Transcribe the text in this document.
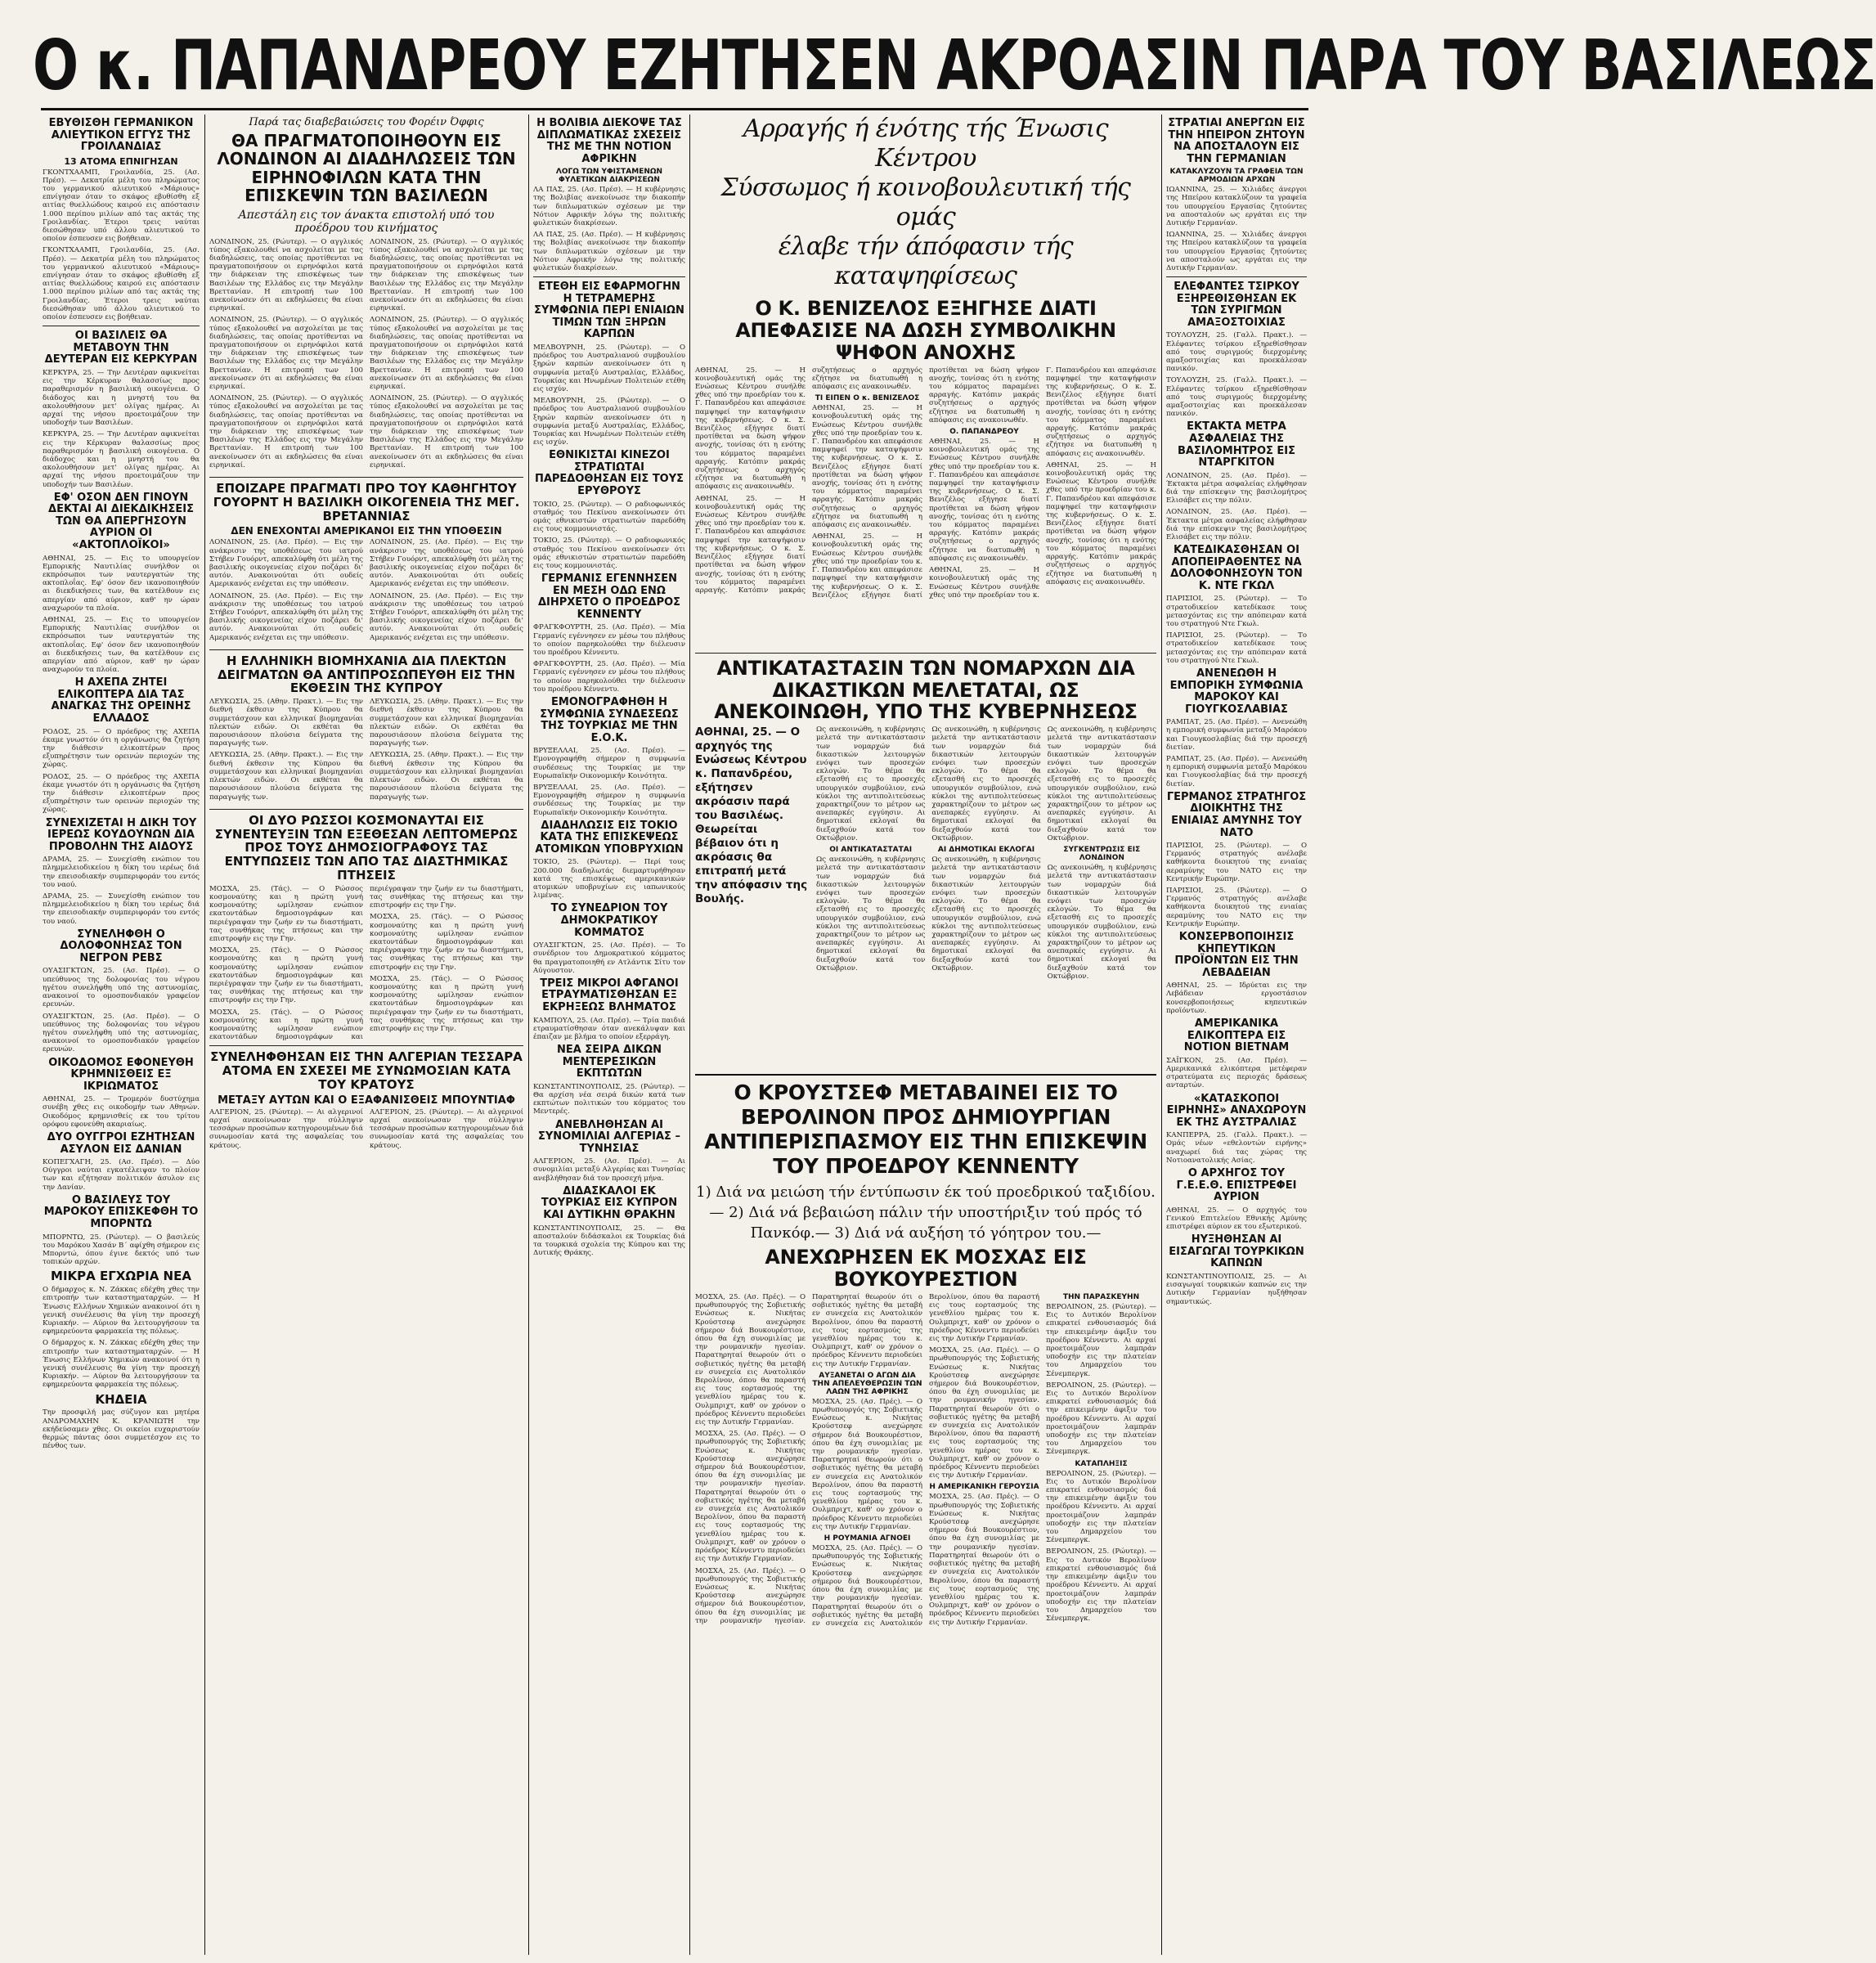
Ο κ. ΠΑΠΑΝΔΡΕΟΥ ΕΖΗΤΗΣΕΝ ΑΚΡΟΑΣΙΝ ΠΑΡΑ ΤΟΥ ΒΑΣΙΛΕΩΣ
ΕΒΥΘΙΣΘΗ ΓΕΡΜΑΝΙΚΟΝ ΑΛΙΕΥΤΙΚΟΝ ΕΓΓΥΣ ΤΗΣ ΓΡΟΙΛΑΝΔΙΑΣ
13 ΑΤΟΜΑ ΕΠΝΙΓΗΣΑΝ

ΓΚΟΝΤΧΑΑΜΠ, Γροιλανδία, 25. (Ασ. Πρέσ). — Δεκατρία μέλη του πληρώματος του γερμανικού αλιευτικού «Μάριους» επνίγησαν όταν το σκάφος εβυθίσθη εξ αιτίας θυελλώδους καιρού εις απόστασιν 1.000 περίπου μιλίων από τας ακτάς της Γροιλανδίας. Έτεροι τρεις ναύται διεσώθησαν υπό άλλου αλιευτικού το οποίον έσπευσεν εις βοήθειαν.

ΓΚΟΝΤΧΑΑΜΠ, Γροιλανδία, 25. (Ασ. Πρέσ). — Δεκατρία μέλη του πληρώματος του γερμανικού αλιευτικού «Μάριους» επνίγησαν όταν το σκάφος εβυθίσθη εξ αιτίας θυελλώδους καιρού εις απόστασιν 1.000 περίπου μιλίων από τας ακτάς της Γροιλανδίας. Έτεροι τρεις ναύται διεσώθησαν υπό άλλου αλιευτικού το οποίον έσπευσεν εις βοήθειαν.

ΟΙ ΒΑΣΙΛΕΙΣ ΘΑ ΜΕΤΑΒΟΥΝ ΤΗΝ ΔΕΥΤΕΡΑΝ ΕΙΣ ΚΕΡΚΥΡΑΝ

ΚΕΡΚΥΡΑ, 25. — Την Δευτέραν αφικνείται εις την Κέρκυραν θαλασσίως προς παραθερισμόν η βασιλική οικογένεια. Ο διάδοχος και η μνηστή του θα ακολουθήσουν μετ' ολίγας ημέρας. Αι αρχαί της νήσου προετοιμάζουν την υποδοχήν των Βασιλέων.

ΚΕΡΚΥΡΑ, 25. — Την Δευτέραν αφικνείται εις την Κέρκυραν θαλασσίως προς παραθερισμόν η βασιλική οικογένεια. Ο διάδοχος και η μνηστή του θα ακολουθήσουν μετ' ολίγας ημέρας. Αι αρχαί της νήσου προετοιμάζουν την υποδοχήν των Βασιλέων.

ΕΦ' ΟΣΟΝ ΔΕΝ ΓΙΝΟΥΝ ΔΕΚΤΑΙ ΑΙ ΔΙΕΚΔΙΚΗΣΕΙΣ ΤΩΝ ΘΑ ΑΠΕΡΓΗΣΟΥΝ ΑΥΡΙΟΝ ΟΙ «ΑΚΤΟΠΛΟΪΚΟΙ»

ΑΘΗΝΑΙ, 25. — Εις το υπουργείον Εμπορικής Ναυτιλίας συνήλθον οι εκπρόσωποι των ναυτεργατών της ακτοπλοΐας. Εφ' όσον δεν ικανοποιηθούν αι διεκδικήσεις των, θα κατέλθουν εις απεργίαν από αύριον, καθ' ην ώραν αναχωρούν τα πλοία.

ΑΘΗΝΑΙ, 25. — Εις το υπουργείον Εμπορικής Ναυτιλίας συνήλθον οι εκπρόσωποι των ναυτεργατών της ακτοπλοΐας. Εφ' όσον δεν ικανοποιηθούν αι διεκδικήσεις των, θα κατέλθουν εις απεργίαν από αύριον, καθ' ην ώραν αναχωρούν τα πλοία.

Η ΑΧΕΠΑ ΖΗΤΕΙ ΕΛΙΚΟΠΤΕΡΑ ΔΙΑ ΤΑΣ ΑΝΑΓΚΑΣ ΤΗΣ ΟΡΕΙΝΗΣ ΕΛΛΑΔΟΣ

ΡΟΔΟΣ, 25. — Ο πρόεδρος της ΑΧΕΠΑ έκαμε γνωστόν ότι η οργάνωσις θα ζητήση την διάθεσιν ελικοπτέρων προς εξυπηρέτησιν των ορεινών περιοχών της χώρας.

ΡΟΔΟΣ, 25. — Ο πρόεδρος της ΑΧΕΠΑ έκαμε γνωστόν ότι η οργάνωσις θα ζητήση την διάθεσιν ελικοπτέρων προς εξυπηρέτησιν των ορεινών περιοχών της χώρας.

ΣΥΝΕΧΙΖΕΤΑΙ Η ΔΙΚΗ ΤΟΥ ΙΕΡΕΩΣ ΚΟΥΔΟΥΝΩΝ ΔΙΑ ΠΡΟΒΟΛΗΝ ΤΗΣ ΑΙΔΟΥΣ

ΔΡΑΜΑ, 25. — Συνεχίσθη ενώπιον του πλημμελειοδικείου η δίκη του ιερέως διά την επεισοδιακήν συμπεριφοράν του εντός του ναού.

ΔΡΑΜΑ, 25. — Συνεχίσθη ενώπιον του πλημμελειοδικείου η δίκη του ιερέως διά την επεισοδιακήν συμπεριφοράν του εντός του ναού.

ΣΥΝΕΛΗΦΘΗ Ο ΔΟΛΟΦΟΝΗΣΑΣ ΤΟΝ ΝΕΓΡΟΝ ΡΕΒΣ

ΟΥΑΣΙΓΚΤΩΝ, 25. (Ασ. Πρέσ). — Ο υπεύθυνος της δολοφονίας του νέγρου ηγέτου συνελήφθη υπό της αστυνομίας, ανακοινοί το ομοσπονδιακόν γραφείον ερευνών.

ΟΥΑΣΙΓΚΤΩΝ, 25. (Ασ. Πρέσ). — Ο υπεύθυνος της δολοφονίας του νέγρου ηγέτου συνελήφθη υπό της αστυνομίας, ανακοινοί το ομοσπονδιακόν γραφείον ερευνών.

ΟΙΚΟΔΟΜΟΣ ΕΦΟΝΕΥΘΗ ΚΡΗΜΝΙΣΘΕΙΣ ΕΞ ΙΚΡΙΩΜΑΤΟΣ

ΑΘΗΝΑΙ, 25. — Τρομερόν δυστύχημα συνέβη χθες εις οικοδομήν των Αθηνών. Οικοδόμος κρημνισθείς εκ του τρίτου ορόφου εφονεύθη ακαριαίως.

ΔΥΟ ΟΥΓΓΡΟΙ ΕΖΗΤΗΣΑΝ ΑΣΥΛΟΝ ΕΙΣ ΔΑΝΙΑΝ

ΚΟΠΕΓΧΑΓΗ, 25. (Ασ. Πρέσ). — Δύο Ούγγροι ναύται εγκατέλειψαν το πλοίον των και εζήτησαν πολιτικόν άσυλον εις την Δανίαν.

Ο ΒΑΣΙΛΕΥΣ ΤΟΥ ΜΑΡΟΚΟΥ ΕΠΙΣΚΕΦΘΗ ΤΟ ΜΠΟΡΝΤΩ

ΜΠΟΡΝΤΩ, 25. (Ρώυτερ). — Ο βασιλεύς του Μαρόκου Χασάν Β΄ αφίχθη σήμερον εις Μπορντώ, όπου έγινε δεκτός υπό των τοπικών αρχών.

ΜΙΚΡΑ ΕΓΧΩΡΙΑ ΝΕΑ

Ο δήμαρχος κ. Ν. Ζάκκας εδέχθη χθες την επιτροπήν των καταστηματαρχών. — Η Ένωσις Ελλήνων Χημικών ανακοινοί ότι η γενική συνέλευσις θα γίνη την προσεχή Κυριακήν. — Αύριον θα λειτουργήσουν τα εφημερεύοντα φαρμακεία της πόλεως.

Ο δήμαρχος κ. Ν. Ζάκκας εδέχθη χθες την επιτροπήν των καταστηματαρχών. — Η Ένωσις Ελλήνων Χημικών ανακοινοί ότι η γενική συνέλευσις θα γίνη την προσεχή Κυριακήν. — Αύριον θα λειτουργήσουν τα εφημερεύοντα φαρμακεία της πόλεως.

ΚΗΔΕΙΑ

Την προσφιλή μας σύζυγον και μητέρα ΑΝΔΡΟΜΑΧΗΝ Κ. ΚΡΑΝΙΩΤΗ την εκήδεύσαμεν χθες. Οι οικείοι ευχαριστούν θερμώς πάντας όσοι συμμετέσχον εις το πένθος των.

Παρά τας διαβεβαιώσεις του Φορέιν Όφφις
ΘΑ ΠΡΑΓΜΑΤΟΠΟΙΗΘΟΥΝ ΕΙΣ ΛΟΝΔΙΝΟΝ ΑΙ ΔΙΑΔΗΛΩΣΕΙΣ ΤΩΝ ΕΙΡΗΝΟΦΙΛΩΝ ΚΑΤΑ ΤΗΝ ΕΠΙΣΚΕΨΙΝ ΤΩΝ ΒΑΣΙΛΕΩΝ
Απεστάλη εις τον άνακτα επιστολή υπό του προέδρου του κινήματος

ΛΟΝΔΙΝΟΝ, 25. (Ρώυτερ). — Ο αγγλικός τύπος εξακολουθεί να ασχολείται με τας διαδηλώσεις, τας οποίας προτίθενται να πραγματοποιήσουν οι ειρηνόφιλοι κατά την διάρκειαν της επισκέψεως των Βασιλέων της Ελλάδος εις την Μεγάλην Βρεττανίαν. Η επιτροπή των 100 ανεκοίνωσεν ότι αι εκδηλώσεις θα είναι ειρηνικαί.

ΛΟΝΔΙΝΟΝ, 25. (Ρώυτερ). — Ο αγγλικός τύπος εξακολουθεί να ασχολείται με τας διαδηλώσεις, τας οποίας προτίθενται να πραγματοποιήσουν οι ειρηνόφιλοι κατά την διάρκειαν της επισκέψεως των Βασιλέων της Ελλάδος εις την Μεγάλην Βρεττανίαν. Η επιτροπή των 100 ανεκοίνωσεν ότι αι εκδηλώσεις θα είναι ειρηνικαί.

ΛΟΝΔΙΝΟΝ, 25. (Ρώυτερ). — Ο αγγλικός τύπος εξακολουθεί να ασχολείται με τας διαδηλώσεις, τας οποίας προτίθενται να πραγματοποιήσουν οι ειρηνόφιλοι κατά την διάρκειαν της επισκέψεως των Βασιλέων της Ελλάδος εις την Μεγάλην Βρεττανίαν. Η επιτροπή των 100 ανεκοίνωσεν ότι αι εκδηλώσεις θα είναι ειρηνικαί.

ΛΟΝΔΙΝΟΝ, 25. (Ρώυτερ). — Ο αγγλικός τύπος εξακολουθεί να ασχολείται με τας διαδηλώσεις, τας οποίας προτίθενται να πραγματοποιήσουν οι ειρηνόφιλοι κατά την διάρκειαν της επισκέψεως των Βασιλέων της Ελλάδος εις την Μεγάλην Βρεττανίαν. Η επιτροπή των 100 ανεκοίνωσεν ότι αι εκδηλώσεις θα είναι ειρηνικαί.

ΛΟΝΔΙΝΟΝ, 25. (Ρώυτερ). — Ο αγγλικός τύπος εξακολουθεί να ασχολείται με τας διαδηλώσεις, τας οποίας προτίθενται να πραγματοποιήσουν οι ειρηνόφιλοι κατά την διάρκειαν της επισκέψεως των Βασιλέων της Ελλάδος εις την Μεγάλην Βρεττανίαν. Η επιτροπή των 100 ανεκοίνωσεν ότι αι εκδηλώσεις θα είναι ειρηνικαί.

ΛΟΝΔΙΝΟΝ, 25. (Ρώυτερ). — Ο αγγλικός τύπος εξακολουθεί να ασχολείται με τας διαδηλώσεις, τας οποίας προτίθενται να πραγματοποιήσουν οι ειρηνόφιλοι κατά την διάρκειαν της επισκέψεως των Βασιλέων της Ελλάδος εις την Μεγάλην Βρεττανίαν. Η επιτροπή των 100 ανεκοίνωσεν ότι αι εκδηλώσεις θα είναι ειρηνικαί.

ΕΠΟΙΖΑΡΕ ΠΡΑΓΜΑΤΙ ΠΡΟ ΤΟΥ ΚΑΘΗΓΗΤΟΥ ΓΟΥΟΡΝΤ Η ΒΑΣΙΛΙΚΗ ΟΙΚΟΓΕΝΕΙΑ ΤΗΣ ΜΕΓ. ΒΡΕΤΑΝΝΙΑΣ
ΔΕΝ ΕΝΕΧΟΝΤΑΙ ΑΜΕΡΙΚΑΝΟΙ ΕΙΣ ΤΗΝ ΥΠΟΘΕΣΙΝ

ΛΟΝΔΙΝΟΝ, 25. (Ασ. Πρέσ). — Εις την ανάκρισιν της υποθέσεως του ιατρού Στήβεν Γουόρντ, απεκαλύφθη ότι μέλη της βασιλικής οικογενείας είχον ποζάρει δι' αυτόν. Ανακοινούται ότι ουδείς Αμερικανός ενέχεται εις την υπόθεσιν.

ΛΟΝΔΙΝΟΝ, 25. (Ασ. Πρέσ). — Εις την ανάκρισιν της υποθέσεως του ιατρού Στήβεν Γουόρντ, απεκαλύφθη ότι μέλη της βασιλικής οικογενείας είχον ποζάρει δι' αυτόν. Ανακοινούται ότι ουδείς Αμερικανός ενέχεται εις την υπόθεσιν.

ΛΟΝΔΙΝΟΝ, 25. (Ασ. Πρέσ). — Εις την ανάκρισιν της υποθέσεως του ιατρού Στήβεν Γουόρντ, απεκαλύφθη ότι μέλη της βασιλικής οικογενείας είχον ποζάρει δι' αυτόν. Ανακοινούται ότι ουδείς Αμερικανός ενέχεται εις την υπόθεσιν.

ΛΟΝΔΙΝΟΝ, 25. (Ασ. Πρέσ). — Εις την ανάκρισιν της υποθέσεως του ιατρού Στήβεν Γουόρντ, απεκαλύφθη ότι μέλη της βασιλικής οικογενείας είχον ποζάρει δι' αυτόν. Ανακοινούται ότι ουδείς Αμερικανός ενέχεται εις την υπόθεσιν.

Η ΕΛΛΗΝΙΚΗ ΒΙΟΜΗΧΑΝΙΑ ΔΙΑ ΠΛΕΚΤΩΝ ΔΕΙΓΜΑΤΩΝ ΘΑ ΑΝΤΙΠΡΟΣΩΠΕΥΘΗ ΕΙΣ ΤΗΝ ΕΚΘΕΣΙΝ ΤΗΣ ΚΥΠΡΟΥ

ΛΕΥΚΩΣΙΑ, 25. (Αθην. Πρακτ.). — Εις την διεθνή έκθεσιν της Κύπρου θα συμμετάσχουν και ελληνικαί βιομηχανίαι πλεκτών ειδών. Οι εκθέται θα παρουσιάσουν πλούσια δείγματα της παραγωγής των.

ΛΕΥΚΩΣΙΑ, 25. (Αθην. Πρακτ.). — Εις την διεθνή έκθεσιν της Κύπρου θα συμμετάσχουν και ελληνικαί βιομηχανίαι πλεκτών ειδών. Οι εκθέται θα παρουσιάσουν πλούσια δείγματα της παραγωγής των.

ΛΕΥΚΩΣΙΑ, 25. (Αθην. Πρακτ.). — Εις την διεθνή έκθεσιν της Κύπρου θα συμμετάσχουν και ελληνικαί βιομηχανίαι πλεκτών ειδών. Οι εκθέται θα παρουσιάσουν πλούσια δείγματα της παραγωγής των.

ΛΕΥΚΩΣΙΑ, 25. (Αθην. Πρακτ.). — Εις την διεθνή έκθεσιν της Κύπρου θα συμμετάσχουν και ελληνικαί βιομηχανίαι πλεκτών ειδών. Οι εκθέται θα παρουσιάσουν πλούσια δείγματα της παραγωγής των.

ΟΙ ΔΥΟ ΡΩΣΣΟΙ ΚΟΣΜΟΝΑΥΤΑΙ ΕΙΣ ΣΥΝΕΝΤΕΥΞΙΝ ΤΩΝ ΕΞΕΘΕΣΑΝ ΛΕΠΤΟΜΕΡΩΣ ΠΡΟΣ ΤΟΥΣ ΔΗΜΟΣΙΟΓΡΑΦΟΥΣ ΤΑΣ ΕΝΤΥΠΩΣΕΙΣ ΤΩΝ ΑΠΟ ΤΑΣ ΔΙΑΣΤΗΜΙΚΑΣ ΠΤΗΣΕΙΣ

ΜΟΣΧΑ, 25. (Τάς). — Ο Ρώσσος κοσμοναύτης και η πρώτη γυνή κοσμοναύτης ωμίλησαν ενώπιον εκατοντάδων δημοσιογράφων και περιέγραψαν την ζωήν εν τω διαστήματι, τας συνθήκας της πτήσεως και την επιστροφήν εις την Γην.

ΜΟΣΧΑ, 25. (Τάς). — Ο Ρώσσος κοσμοναύτης και η πρώτη γυνή κοσμοναύτης ωμίλησαν ενώπιον εκατοντάδων δημοσιογράφων και περιέγραψαν την ζωήν εν τω διαστήματι, τας συνθήκας της πτήσεως και την επιστροφήν εις την Γην.

ΜΟΣΧΑ, 25. (Τάς). — Ο Ρώσσος κοσμοναύτης και η πρώτη γυνή κοσμοναύτης ωμίλησαν ενώπιον εκατοντάδων δημοσιογράφων και περιέγραψαν την ζωήν εν τω διαστήματι, τας συνθήκας της πτήσεως και την επιστροφήν εις την Γην.

ΜΟΣΧΑ, 25. (Τάς). — Ο Ρώσσος κοσμοναύτης και η πρώτη γυνή κοσμοναύτης ωμίλησαν ενώπιον εκατοντάδων δημοσιογράφων και περιέγραψαν την ζωήν εν τω διαστήματι, τας συνθήκας της πτήσεως και την επιστροφήν εις την Γην.

ΜΟΣΧΑ, 25. (Τάς). — Ο Ρώσσος κοσμοναύτης και η πρώτη γυνή κοσμοναύτης ωμίλησαν ενώπιον εκατοντάδων δημοσιογράφων και περιέγραψαν την ζωήν εν τω διαστήματι, τας συνθήκας της πτήσεως και την επιστροφήν εις την Γην.

ΣΥΝΕΛΗΦΘΗΣΑΝ ΕΙΣ ΤΗΝ ΑΛΓΕΡΙΑΝ ΤΕΣΣΑΡΑ ΑΤΟΜΑ ΕΝ ΣΧΕΣΕΙ ΜΕ ΣΥΝΩΜΟΣΙΑΝ ΚΑΤΑ ΤΟΥ ΚΡΑΤΟΥΣ
ΜΕΤΑΞΥ ΑΥΤΩΝ ΚΑΙ Ο ΕΞΑΦΑΝΙΣΘΕΙΣ ΜΠΟΥΝΤΙΑΦ

ΑΛΓΕΡΙΟΝ, 25. (Ρώυτερ). — Αι αλγερινοί αρχαί ανεκοίνωσαν την σύλληψιν τεσσάρων προσώπων κατηγορουμένων διά συνωμοσίαν κατά της ασφαλείας του κράτους.

ΑΛΓΕΡΙΟΝ, 25. (Ρώυτερ). — Αι αλγερινοί αρχαί ανεκοίνωσαν την σύλληψιν τεσσάρων προσώπων κατηγορουμένων διά συνωμοσίαν κατά της ασφαλείας του κράτους.

Η ΒΟΛΙΒΙΑ ΔΙΕΚΟΨΕ ΤΑΣ ΔΙΠΛΩΜΑΤΙΚΑΣ ΣΧΕΣΕΙΣ ΤΗΣ ΜΕ ΤΗΝ ΝΟΤΙΟΝ ΑΦΡΙΚΗΝ
ΛΟΓΩ ΤΩΝ ΥΦΙΣΤΑΜΕΝΩΝ ΦΥΛΕΤΙΚΩΝ ΔΙΑΚΡΙΣΕΩΝ

ΛΑ ΠΑΣ, 25. (Ασ. Πρέσ). — Η κυβέρνησις της Βολιβίας ανεκοίνωσε την διακοπήν των διπλωματικών σχέσεων με την Νότιον Αφρικήν λόγω της πολιτικής φυλετικών διακρίσεων.

ΛΑ ΠΑΣ, 25. (Ασ. Πρέσ). — Η κυβέρνησις της Βολιβίας ανεκοίνωσε την διακοπήν των διπλωματικών σχέσεων με την Νότιον Αφρικήν λόγω της πολιτικής φυλετικών διακρίσεων.

ΕΤΕΘΗ ΕΙΣ ΕΦΑΡΜΟΓΗΝ Η ΤΕΤΡΑΜΕΡΗΣ ΣΥΜΦΩΝΙΑ ΠΕΡΙ ΕΝΙΑΙΩΝ ΤΙΜΩΝ ΤΩΝ ΞΗΡΩΝ ΚΑΡΠΩΝ

ΜΕΛΒΟΥΡΝΗ, 25. (Ρώυτερ). — Ο πρόεδρος του Αυστραλιανού συμβουλίου ξηρών καρπών ανεκοίνωσεν ότι η συμφωνία μεταξύ Αυστραλίας, Ελλάδος, Τουρκίας και Ηνωμένων Πολιτειών ετέθη εις ισχύν.

ΜΕΛΒΟΥΡΝΗ, 25. (Ρώυτερ). — Ο πρόεδρος του Αυστραλιανού συμβουλίου ξηρών καρπών ανεκοίνωσεν ότι η συμφωνία μεταξύ Αυστραλίας, Ελλάδος, Τουρκίας και Ηνωμένων Πολιτειών ετέθη εις ισχύν.

ΕΘΝΙΚΙΣΤΑΙ ΚΙΝΕΖΟΙ ΣΤΡΑΤΙΩΤΑΙ ΠΑΡΕΔΟΘΗΣΑΝ ΕΙΣ ΤΟΥΣ ΕΡΥΘΡΟΥΣ

ΤΟΚΙΟ, 25. (Ρώυτερ). — Ο ραδιοφωνικός σταθμός του Πεκίνου ανεκοίνωσεν ότι ομάς εθνικιστών στρατιωτών παρεδόθη εις τους κομμουνιστάς.

ΤΟΚΙΟ, 25. (Ρώυτερ). — Ο ραδιοφωνικός σταθμός του Πεκίνου ανεκοίνωσεν ότι ομάς εθνικιστών στρατιωτών παρεδόθη εις τους κομμουνιστάς.

ΓΕΡΜΑΝΙΣ ΕΓΕΝΝΗΣΕΝ ΕΝ ΜΕΣΗ ΟΔΩ ΕΝΩ ΔΙΗΡΧΕΤΟ Ο ΠΡΟΕΔΡΟΣ ΚΕΝΝΕΝΤΥ

ΦΡΑΓΚΦΟΥΡΤΗ, 25. (Ασ. Πρέσ). — Μία Γερμανίς εγέννησεν εν μέσω του πλήθους το οποίον παρηκολούθει την διέλευσιν του προέδρου Κέννεντυ.

ΦΡΑΓΚΦΟΥΡΤΗ, 25. (Ασ. Πρέσ). — Μία Γερμανίς εγέννησεν εν μέσω του πλήθους το οποίον παρηκολούθει την διέλευσιν του προέδρου Κέννεντυ.

ΕΜΟΝΟΓΡΑΦΗΘΗ Η ΣΥΜΦΩΝΙΑ ΣΥΝΔΕΣΕΩΣ ΤΗΣ ΤΟΥΡΚΙΑΣ ΜΕ ΤΗΝ Ε.Ο.Κ.

ΒΡΥΞΕΛΛΑΙ, 25. (Ασ. Πρέσ). — Εμονογραφήθη σήμερον η συμφωνία συνδέσεως της Τουρκίας με την Ευρωπαϊκήν Οικονομικήν Κοινότητα.

ΒΡΥΞΕΛΛΑΙ, 25. (Ασ. Πρέσ). — Εμονογραφήθη σήμερον η συμφωνία συνδέσεως της Τουρκίας με την Ευρωπαϊκήν Οικονομικήν Κοινότητα.

ΔΙΑΔΗΛΩΣΙΣ ΕΙΣ ΤΟΚΙΟ ΚΑΤΑ ΤΗΣ ΕΠΙΣΚΕΨΕΩΣ ΑΤΟΜΙΚΩΝ ΥΠΟΒΡΥΧΙΩΝ

ΤΟΚΙΟ, 25. (Ρώυτερ). — Περί τους 200.000 διαδηλωτάς διεμαρτυρήθησαν κατά της επισκέψεως αμερικανικών ατομικών υποβρυχίων εις ιαπωνικούς λιμένας.

ΤΟ ΣΥΝΕΔΡΙΟΝ ΤΟΥ ΔΗΜΟΚΡΑΤΙΚΟΥ ΚΟΜΜΑΤΟΣ

ΟΥΑΣΙΓΚΤΩΝ, 25. (Ασ. Πρέσ). — Το συνέδριον του Δημοκρατικού κόμματος θα πραγματοποιηθή εν Ατλάντικ Σίτυ τον Αύγουστον.

ΤΡΕΙΣ ΜΙΚΡΟΙ ΑΦΓΑΝΟΙ ΕΤΡΑΥΜΑΤΙΣΘΗΣΑΝ ΕΞ ΕΚΡΗΞΕΩΣ ΒΛΗΜΑΤΟΣ

ΚΑΜΠΟΥΛ, 25. (Ασ. Πρέσ). — Τρία παιδιά ετραυματίσθησαν όταν ανεκάλυψαν και έπαιζαν με βλήμα το οποίον εξερράγη.

ΝΕΑ ΣΕΙΡΑ ΔΙΚΩΝ ΜΕΝΤΕΡΕΣΙΚΩΝ ΕΚΠΤΩΤΩΝ

ΚΩΝΣΤΑΝΤΙΝΟΥΠΟΛΙΣ, 25. (Ρώυτερ). — Θα αρχίση νέα σειρά δικών κατά των εκπτώτων πολιτικών του κόμματος του Μεντερές.

ΑΝΕΒΛΗΘΗΣΑΝ ΑΙ ΣΥΝΟΜΙΛΙΑΙ ΑΛΓΕΡΙΑΣ – ΤΥΝΗΣΙΑΣ

ΑΛΓΕΡΙΟΝ, 25. (Ασ. Πρέσ). — Αι συνομιλίαι μεταξύ Αλγερίας και Τυνησίας ανεβλήθησαν διά τον προσεχή μήνα.

ΔΙΔΑΣΚΑΛΟΙ ΕΚ ΤΟΥΡΚΙΑΣ ΕΙΣ ΚΥΠΡΟΝ ΚΑΙ ΔΥΤΙΚΗΝ ΘΡΑΚΗΝ

ΚΩΝΣΤΑΝΤΙΝΟΥΠΟΛΙΣ, 25. — Θα αποσταλούν διδάσκαλοι εκ Τουρκίας διά τα τουρκικά σχολεία της Κύπρου και της Δυτικής Θράκης.

Αρραγής ή ένότης τής Ένωσις Κέντρου
Σύσσωμος ή κοινοβουλευτική τής ομάς
έλαβε τήν άπόφασιν τής καταψηφίσεως
Ο Κ. ΒΕΝΙΖΕΛΟΣ ΕΞΗΓΗΣΕ ΔΙΑΤΙ ΑΠΕΦΑΣΙΣΕ ΝΑ ΔΩΣΗ ΣΥΜΒΟΛΙΚΗΝ ΨΗΦΟΝ ΑΝΟΧΗΣ

ΑΘΗΝΑΙ, 25. — Η κοινοβουλευτική ομάς της Ενώσεως Κέντρου συνήλθε χθες υπό την προεδρίαν του κ. Γ. Παπανδρέου και απεφάσισε παμψηφεί την καταψήφισιν της κυβερνήσεως. Ο κ. Σ. Βενιζέλος εξήγησε διατί προτίθεται να δώση ψήφον ανοχής, τονίσας ότι η ενότης του κόμματος παραμένει αρραγής. Κατόπιν μακράς συζητήσεως ο αρχηγός εζήτησε να διατυπωθή η απόφασις εις ανακοινωθέν.

ΑΘΗΝΑΙ, 25. — Η κοινοβουλευτική ομάς της Ενώσεως Κέντρου συνήλθε χθες υπό την προεδρίαν του κ. Γ. Παπανδρέου και απεφάσισε παμψηφεί την καταψήφισιν της κυβερνήσεως. Ο κ. Σ. Βενιζέλος εξήγησε διατί προτίθεται να δώση ψήφον ανοχής, τονίσας ότι η ενότης του κόμματος παραμένει αρραγής. Κατόπιν μακράς συζητήσεως ο αρχηγός εζήτησε να διατυπωθή η απόφασις εις ανακοινωθέν.

ΤΙ ΕΙΠΕΝ Ο κ. ΒΕΝΙΖΕΛΟΣ

ΑΘΗΝΑΙ, 25. — Η κοινοβουλευτική ομάς της Ενώσεως Κέντρου συνήλθε χθες υπό την προεδρίαν του κ. Γ. Παπανδρέου και απεφάσισε παμψηφεί την καταψήφισιν της κυβερνήσεως. Ο κ. Σ. Βενιζέλος εξήγησε διατί προτίθεται να δώση ψήφον ανοχής, τονίσας ότι η ενότης του κόμματος παραμένει αρραγής. Κατόπιν μακράς συζητήσεως ο αρχηγός εζήτησε να διατυπωθή η απόφασις εις ανακοινωθέν.

ΑΘΗΝΑΙ, 25. — Η κοινοβουλευτική ομάς της Ενώσεως Κέντρου συνήλθε χθες υπό την προεδρίαν του κ. Γ. Παπανδρέου και απεφάσισε παμψηφεί την καταψήφισιν της κυβερνήσεως. Ο κ. Σ. Βενιζέλος εξήγησε διατί προτίθεται να δώση ψήφον ανοχής, τονίσας ότι η ενότης του κόμματος παραμένει αρραγής. Κατόπιν μακράς συζητήσεως ο αρχηγός εζήτησε να διατυπωθή η απόφασις εις ανακοινωθέν.

Ο. ΠΑΠΑΝΔΡΕΟΥ

ΑΘΗΝΑΙ, 25. — Η κοινοβουλευτική ομάς της Ενώσεως Κέντρου συνήλθε χθες υπό την προεδρίαν του κ. Γ. Παπανδρέου και απεφάσισε παμψηφεί την καταψήφισιν της κυβερνήσεως. Ο κ. Σ. Βενιζέλος εξήγησε διατί προτίθεται να δώση ψήφον ανοχής, τονίσας ότι η ενότης του κόμματος παραμένει αρραγής. Κατόπιν μακράς συζητήσεως ο αρχηγός εζήτησε να διατυπωθή η απόφασις εις ανακοινωθέν.

ΑΘΗΝΑΙ, 25. — Η κοινοβουλευτική ομάς της Ενώσεως Κέντρου συνήλθε χθες υπό την προεδρίαν του κ. Γ. Παπανδρέου και απεφάσισε παμψηφεί την καταψήφισιν της κυβερνήσεως. Ο κ. Σ. Βενιζέλος εξήγησε διατί προτίθεται να δώση ψήφον ανοχής, τονίσας ότι η ενότης του κόμματος παραμένει αρραγής. Κατόπιν μακράς συζητήσεως ο αρχηγός εζήτησε να διατυπωθή η απόφασις εις ανακοινωθέν.

ΑΘΗΝΑΙ, 25. — Η κοινοβουλευτική ομάς της Ενώσεως Κέντρου συνήλθε χθες υπό την προεδρίαν του κ. Γ. Παπανδρέου και απεφάσισε παμψηφεί την καταψήφισιν της κυβερνήσεως. Ο κ. Σ. Βενιζέλος εξήγησε διατί προτίθεται να δώση ψήφον ανοχής, τονίσας ότι η ενότης του κόμματος παραμένει αρραγής. Κατόπιν μακράς συζητήσεως ο αρχηγός εζήτησε να διατυπωθή η απόφασις εις ανακοινωθέν.

ΑΝΤΙΚΑΤΑΣΤΑΣΙΝ ΤΩΝ ΝΟΜΑΡΧΩΝ ΔΙΑ ΔΙΚΑΣΤΙΚΩΝ ΜΕΛΕΤΑΤΑΙ, ΩΣ ΑΝΕΚΟΙΝΩΘΗ, ΥΠΟ ΤΗΣ ΚΥΒΕΡΝΗΣΕΩΣ
ΑΘΗΝΑΙ, 25. — Ο αρχηγός της Ενώσεως Κέντρου κ. Παπανδρέου, εξήτησεν ακρόασιν παρά του Βασιλέως. Θεωρείται βέβαιον ότι η ακρόασις θα επιτραπή μετά την απόφασιν της Βουλής.

Ως ανεκοινώθη, η κυβέρνησις μελετά την αντικατάστασιν των νομαρχών διά δικαστικών λειτουργών ενόψει των προσεχών εκλογών. Το θέμα θα εξετασθή εις το προσεχές υπουργικόν συμβούλιον, ενώ κύκλοι της αντιπολιτεύσεως χαρακτηρίζουν το μέτρον ως ανεπαρκές εγγύησιν. Αι δημοτικαί εκλογαί θα διεξαχθούν κατά τον Οκτώβριον.

ΟΙ ΑΝΤΙΚΑΤΑΣΤΑΤΑΙ

Ως ανεκοινώθη, η κυβέρνησις μελετά την αντικατάστασιν των νομαρχών διά δικαστικών λειτουργών ενόψει των προσεχών εκλογών. Το θέμα θα εξετασθή εις το προσεχές υπουργικόν συμβούλιον, ενώ κύκλοι της αντιπολιτεύσεως χαρακτηρίζουν το μέτρον ως ανεπαρκές εγγύησιν. Αι δημοτικαί εκλογαί θα διεξαχθούν κατά τον Οκτώβριον.

Ως ανεκοινώθη, η κυβέρνησις μελετά την αντικατάστασιν των νομαρχών διά δικαστικών λειτουργών ενόψει των προσεχών εκλογών. Το θέμα θα εξετασθή εις το προσεχές υπουργικόν συμβούλιον, ενώ κύκλοι της αντιπολιτεύσεως χαρακτηρίζουν το μέτρον ως ανεπαρκές εγγύησιν. Αι δημοτικαί εκλογαί θα διεξαχθούν κατά τον Οκτώβριον.

ΑΙ ΔΗΜΟΤΙΚΑΙ ΕΚΛΟΓΑΙ

Ως ανεκοινώθη, η κυβέρνησις μελετά την αντικατάστασιν των νομαρχών διά δικαστικών λειτουργών ενόψει των προσεχών εκλογών. Το θέμα θα εξετασθή εις το προσεχές υπουργικόν συμβούλιον, ενώ κύκλοι της αντιπολιτεύσεως χαρακτηρίζουν το μέτρον ως ανεπαρκές εγγύησιν. Αι δημοτικαί εκλογαί θα διεξαχθούν κατά τον Οκτώβριον.

Ως ανεκοινώθη, η κυβέρνησις μελετά την αντικατάστασιν των νομαρχών διά δικαστικών λειτουργών ενόψει των προσεχών εκλογών. Το θέμα θα εξετασθή εις το προσεχές υπουργικόν συμβούλιον, ενώ κύκλοι της αντιπολιτεύσεως χαρακτηρίζουν το μέτρον ως ανεπαρκές εγγύησιν. Αι δημοτικαί εκλογαί θα διεξαχθούν κατά τον Οκτώβριον.

ΣΥΓΚΕΝΤΡΩΣΙΣ ΕΙΣ ΛΟΝΔΙΝΟΝ

Ως ανεκοινώθη, η κυβέρνησις μελετά την αντικατάστασιν των νομαρχών διά δικαστικών λειτουργών ενόψει των προσεχών εκλογών. Το θέμα θα εξετασθή εις το προσεχές υπουργικόν συμβούλιον, ενώ κύκλοι της αντιπολιτεύσεως χαρακτηρίζουν το μέτρον ως ανεπαρκές εγγύησιν. Αι δημοτικαί εκλογαί θα διεξαχθούν κατά τον Οκτώβριον.

Ο ΚΡΟΥΣΤΣΕΦ ΜΕΤΑΒΑΙΝΕΙ ΕΙΣ ΤΟ ΒΕΡΟΛΙΝΟΝ ΠΡΟΣ ΔΗΜΙΟΥΡΓΙΑΝ ΑΝΤΙΠΕΡΙΣΠΑΣΜΟΥ ΕΙΣ ΤΗΝ ΕΠΙΣΚΕΨΙΝ ΤΟΥ ΠΡΟΕΔΡΟΥ ΚΕΝΝΕΝΤΥ
1) Διά να μειώση τήν έντύπωσιν έκ τού προεδρικού ταξιδίου.— 2) Διά νά βεβαιώση πάλιν τήν υποστήριξιν τού πρός τό Πανκόφ.— 3) Διά νά αυξήση τό γόητρον του.—
ΑΝΕΧΩΡΗΣΕΝ ΕΚ ΜΟΣΧΑΣ ΕΙΣ ΒΟΥΚΟΥΡΕΣΤΙΟΝ

ΜΟΣΧΑ, 25. (Ασ. Πρές). — Ο πρωθυπουργός της Σοβιετικής Ενώσεως κ. Νικήτας Κρούστσεφ ανεχώρησε σήμερον διά Βουκουρέστιον, όπου θα έχη συνομιλίας με την ρουμανικήν ηγεσίαν. Παρατηρηταί θεωρούν ότι ο σοβιετικός ηγέτης θα μεταβή εν συνεχεία εις Ανατολικόν Βερολίνον, όπου θα παραστή εις τους εορτασμούς της γενεθλίου ημέρας του κ. Ουλμπριχτ, καθ' ον χρόνον ο πρόεδρος Κέννεντυ περιοδεύει εις την Δυτικήν Γερμανίαν.

ΜΟΣΧΑ, 25. (Ασ. Πρές). — Ο πρωθυπουργός της Σοβιετικής Ενώσεως κ. Νικήτας Κρούστσεφ ανεχώρησε σήμερον διά Βουκουρέστιον, όπου θα έχη συνομιλίας με την ρουμανικήν ηγεσίαν. Παρατηρηταί θεωρούν ότι ο σοβιετικός ηγέτης θα μεταβή εν συνεχεία εις Ανατολικόν Βερολίνον, όπου θα παραστή εις τους εορτασμούς της γενεθλίου ημέρας του κ. Ουλμπριχτ, καθ' ον χρόνον ο πρόεδρος Κέννεντυ περιοδεύει εις την Δυτικήν Γερμανίαν.

ΜΟΣΧΑ, 25. (Ασ. Πρές). — Ο πρωθυπουργός της Σοβιετικής Ενώσεως κ. Νικήτας Κρούστσεφ ανεχώρησε σήμερον διά Βουκουρέστιον, όπου θα έχη συνομιλίας με την ρουμανικήν ηγεσίαν. Παρατηρηταί θεωρούν ότι ο σοβιετικός ηγέτης θα μεταβή εν συνεχεία εις Ανατολικόν Βερολίνον, όπου θα παραστή εις τους εορτασμούς της γενεθλίου ημέρας του κ. Ουλμπριχτ, καθ' ον χρόνον ο πρόεδρος Κέννεντυ περιοδεύει εις την Δυτικήν Γερμανίαν.

ΑΥΞΑΝΕΤΑΙ Ο ΑΓΩΝ ΔΙΑ ΤΗΝ ΑΠΕΛΕΥΘΕΡΩΣΙΝ ΤΩΝ ΛΑΩΝ ΤΗΣ ΑΦΡΙΚΗΣ

ΜΟΣΧΑ, 25. (Ασ. Πρές). — Ο πρωθυπουργός της Σοβιετικής Ενώσεως κ. Νικήτας Κρούστσεφ ανεχώρησε σήμερον διά Βουκουρέστιον, όπου θα έχη συνομιλίας με την ρουμανικήν ηγεσίαν. Παρατηρηταί θεωρούν ότι ο σοβιετικός ηγέτης θα μεταβή εν συνεχεία εις Ανατολικόν Βερολίνον, όπου θα παραστή εις τους εορτασμούς της γενεθλίου ημέρας του κ. Ουλμπριχτ, καθ' ον χρόνον ο πρόεδρος Κέννεντυ περιοδεύει εις την Δυτικήν Γερμανίαν.

Η ΡΟΥΜΑΝΙΑ ΑΓΝΟΕΙ

ΜΟΣΧΑ, 25. (Ασ. Πρές). — Ο πρωθυπουργός της Σοβιετικής Ενώσεως κ. Νικήτας Κρούστσεφ ανεχώρησε σήμερον διά Βουκουρέστιον, όπου θα έχη συνομιλίας με την ρουμανικήν ηγεσίαν. Παρατηρηταί θεωρούν ότι ο σοβιετικός ηγέτης θα μεταβή εν συνεχεία εις Ανατολικόν Βερολίνον, όπου θα παραστή εις τους εορτασμούς της γενεθλίου ημέρας του κ. Ουλμπριχτ, καθ' ον χρόνον ο πρόεδρος Κέννεντυ περιοδεύει εις την Δυτικήν Γερμανίαν.

ΜΟΣΧΑ, 25. (Ασ. Πρές). — Ο πρωθυπουργός της Σοβιετικής Ενώσεως κ. Νικήτας Κρούστσεφ ανεχώρησε σήμερον διά Βουκουρέστιον, όπου θα έχη συνομιλίας με την ρουμανικήν ηγεσίαν. Παρατηρηταί θεωρούν ότι ο σοβιετικός ηγέτης θα μεταβή εν συνεχεία εις Ανατολικόν Βερολίνον, όπου θα παραστή εις τους εορτασμούς της γενεθλίου ημέρας του κ. Ουλμπριχτ, καθ' ον χρόνον ο πρόεδρος Κέννεντυ περιοδεύει εις την Δυτικήν Γερμανίαν.

Η ΑΜΕΡΙΚΑΝΙΚΗ ΓΕΡΟΥΣΙΑ

ΜΟΣΧΑ, 25. (Ασ. Πρές). — Ο πρωθυπουργός της Σοβιετικής Ενώσεως κ. Νικήτας Κρούστσεφ ανεχώρησε σήμερον διά Βουκουρέστιον, όπου θα έχη συνομιλίας με την ρουμανικήν ηγεσίαν. Παρατηρηταί θεωρούν ότι ο σοβιετικός ηγέτης θα μεταβή εν συνεχεία εις Ανατολικόν Βερολίνον, όπου θα παραστή εις τους εορτασμούς της γενεθλίου ημέρας του κ. Ουλμπριχτ, καθ' ον χρόνον ο πρόεδρος Κέννεντυ περιοδεύει εις την Δυτικήν Γερμανίαν.

ΤΗΝ ΠΑΡΑΣΚΕΥΗΝ

ΒΕΡΟΛΙΝΟΝ, 25. (Ρώυτερ). — Εις το Δυτικόν Βερολίνον επικρατεί ενθουσιασμός διά την επικειμένην άφιξιν του προέδρου Κέννεντυ. Αι αρχαί προετοιμάζουν λαμπράν υποδοχήν εις την πλατείαν του Δημαρχείου του Σένεμπεργκ.

ΒΕΡΟΛΙΝΟΝ, 25. (Ρώυτερ). — Εις το Δυτικόν Βερολίνον επικρατεί ενθουσιασμός διά την επικειμένην άφιξιν του προέδρου Κέννεντυ. Αι αρχαί προετοιμάζουν λαμπράν υποδοχήν εις την πλατείαν του Δημαρχείου του Σένεμπεργκ.

ΚΑΤΑΠΛΗΞΙΣ

ΒΕΡΟΛΙΝΟΝ, 25. (Ρώυτερ). — Εις το Δυτικόν Βερολίνον επικρατεί ενθουσιασμός διά την επικειμένην άφιξιν του προέδρου Κέννεντυ. Αι αρχαί προετοιμάζουν λαμπράν υποδοχήν εις την πλατείαν του Δημαρχείου του Σένεμπεργκ.

ΒΕΡΟΛΙΝΟΝ, 25. (Ρώυτερ). — Εις το Δυτικόν Βερολίνον επικρατεί ενθουσιασμός διά την επικειμένην άφιξιν του προέδρου Κέννεντυ. Αι αρχαί προετοιμάζουν λαμπράν υποδοχήν εις την πλατείαν του Δημαρχείου του Σένεμπεργκ.

ΣΤΡΑΤΙΑΙ ΑΝΕΡΓΩΝ ΕΙΣ ΤΗΝ ΗΠΕΙΡΟΝ ΖΗΤΟΥΝ ΝΑ ΑΠΟΣΤΑΛΟΥΝ ΕΙΣ ΤΗΝ ΓΕΡΜΑΝΙΑΝ
ΚΑΤΑΚΛΥΖΟΥΝ ΤΑ ΓΡΑΦΕΙΑ ΤΩΝ ΑΡΜΟΔΙΩΝ ΑΡΧΩΝ

ΙΩΑΝΝΙΝΑ, 25. — Χιλιάδες άνεργοι της Ηπείρου κατακλύζουν τα γραφεία του υπουργείου Εργασίας ζητούντες να αποσταλούν ως εργάται εις την Δυτικήν Γερμανίαν.

ΙΩΑΝΝΙΝΑ, 25. — Χιλιάδες άνεργοι της Ηπείρου κατακλύζουν τα γραφεία του υπουργείου Εργασίας ζητούντες να αποσταλούν ως εργάται εις την Δυτικήν Γερμανίαν.

ΕΛΕΦΑΝΤΕΣ ΤΣΙΡΚΟΥ ΕΞΗΡΕΘΙΣΘΗΣΑΝ ΕΚ ΤΩΝ ΣΥΡΙΓΜΩΝ ΑΜΑΞΟΣΤΟΙΧΙΑΣ

ΤΟΥΛΟΥΖΗ, 25. (Γαλλ. Πρακτ.). — Ελέφαντες τσίρκου εξηρεθίσθησαν από τους συριγμούς διερχομένης αμαξοστοιχίας και προεκάλεσαν πανικόν.

ΤΟΥΛΟΥΖΗ, 25. (Γαλλ. Πρακτ.). — Ελέφαντες τσίρκου εξηρεθίσθησαν από τους συριγμούς διερχομένης αμαξοστοιχίας και προεκάλεσαν πανικόν.

ΕΚΤΑΚΤΑ ΜΕΤΡΑ ΑΣΦΑΛΕΙΑΣ ΤΗΣ ΒΑΣΙΛΟΜΗΤΡΟΣ ΕΙΣ ΝΤΑΡΓΚΙΤΟΝ

ΛΟΝΔΙΝΟΝ, 25. (Ασ. Πρέσ). — Έκτακτα μέτρα ασφαλείας ελήφθησαν διά την επίσκεψιν της βασιλομήτρος Ελισάβετ εις την πόλιν.

ΛΟΝΔΙΝΟΝ, 25. (Ασ. Πρέσ). — Έκτακτα μέτρα ασφαλείας ελήφθησαν διά την επίσκεψιν της βασιλομήτρος Ελισάβετ εις την πόλιν.

ΚΑΤΕΔΙΚΑΣΘΗΣΑΝ ΟΙ ΑΠΟΠΕΙΡΑΘΕΝΤΕΣ ΝΑ ΔΟΛΟΦΟΝΗΣΟΥΝ ΤΟΝ Κ. ΝΤΕ ΓΚΩΛ

ΠΑΡΙΣΙΟΙ, 25. (Ρώυτερ). — Το στρατοδικείον κατεδίκασε τους μετασχόντας εις την απόπειραν κατά του στρατηγού Ντε Γκωλ.

ΠΑΡΙΣΙΟΙ, 25. (Ρώυτερ). — Το στρατοδικείον κατεδίκασε τους μετασχόντας εις την απόπειραν κατά του στρατηγού Ντε Γκωλ.

ΑΝΕΝΕΩΘΗ Η ΕΜΠΟΡΙΚΗ ΣΥΜΦΩΝΙΑ ΜΑΡΟΚΟΥ ΚΑΙ ΓΙΟΥΓΚΟΣΛΑΒΙΑΣ

ΡΑΜΠΑΤ, 25. (Ασ. Πρέσ). — Ανενεώθη η εμπορική συμφωνία μεταξύ Μαρόκου και Γιουγκοσλαβίας διά την προσεχή διετίαν.

ΡΑΜΠΑΤ, 25. (Ασ. Πρέσ). — Ανενεώθη η εμπορική συμφωνία μεταξύ Μαρόκου και Γιουγκοσλαβίας διά την προσεχή διετίαν.

ΓΕΡΜΑΝΟΣ ΣΤΡΑΤΗΓΟΣ ΔΙΟΙΚΗΤΗΣ ΤΗΣ ΕΝΙΑΙΑΣ ΑΜΥΝΗΣ ΤΟΥ ΝΑΤΟ

ΠΑΡΙΣΙΟΙ, 25. (Ρώυτερ). — Ο Γερμανός στρατηγός ανέλαβε καθήκοντα διοικητού της ενιαίας αεραμύνης του ΝΑΤΟ εις την Κεντρικήν Ευρώπην.

ΠΑΡΙΣΙΟΙ, 25. (Ρώυτερ). — Ο Γερμανός στρατηγός ανέλαβε καθήκοντα διοικητού της ενιαίας αεραμύνης του ΝΑΤΟ εις την Κεντρικήν Ευρώπην.

ΚΟΝΣΕΡΒΟΠΟΙΗΣΙΣ ΚΗΠΕΥΤΙΚΩΝ ΠΡΟΪΟΝΤΩΝ ΕΙΣ ΤΗΝ ΛΕΒΑΔΕΙΑΝ

ΑΘΗΝΑΙ, 25. — Ιδρύεται εις την Λεβάδειαν εργοστάσιον κονσερβοποιήσεως κηπευτικών προϊόντων.

ΑΜΕΡΙΚΑΝΙΚΑ ΕΛΙΚΟΠΤΕΡΑ ΕΙΣ ΝΟΤΙΟΝ ΒΙΕΤΝΑΜ

ΣΑΪΓΚΟΝ, 25. (Ασ. Πρέσ). — Αμερικανικά ελικόπτερα μετέφεραν στρατεύματα εις περιοχάς δράσεως ανταρτών.

«ΚΑΤΑΣΚΟΠΟΙ ΕΙΡΗΝΗΣ» ΑΝΑΧΩΡΟΥΝ ΕΚ ΤΗΣ ΑΥΣΤΡΑΛΙΑΣ

ΚΑΝΠΕΡΡΑ, 25. (Γαλλ. Πρακτ.). — Ομάς νέων «εθελοντών ειρήνης» αναχωρεί διά τας χώρας της Νοτιοανατολικής Ασίας.

Ο ΑΡΧΗΓΟΣ ΤΟΥ Γ.Ε.Ε.Θ. ΕΠΙΣΤΡΕΦΕΙ ΑΥΡΙΟΝ

ΑΘΗΝΑΙ, 25. — Ο αρχηγός του Γενικού Επιτελείου Εθνικής Αμύνης επιστρέφει αύριον εκ του εξωτερικού.

ΗΥΞΗΘΗΣΑΝ ΑΙ ΕΙΣΑΓΩΓΑΙ ΤΟΥΡΚΙΚΩΝ ΚΑΠΝΩΝ

ΚΩΝΣΤΑΝΤΙΝΟΥΠΟΛΙΣ, 25. — Αι εισαγωγαί τουρκικών καπνών εις την Δυτικήν Γερμανίαν ηυξήθησαν σημαντικώς.
